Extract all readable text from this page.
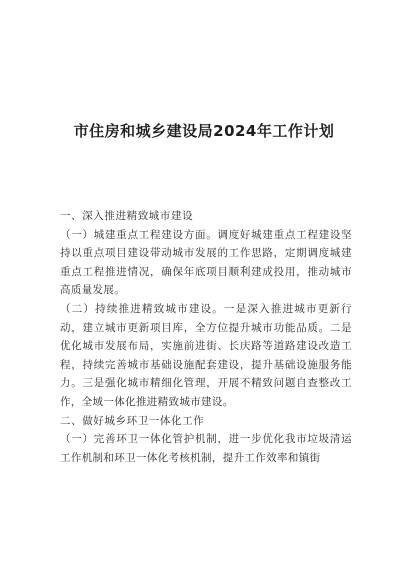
市住房和城乡建设局2024年工作计划

一、深入推进精致城市建设

（一）城建重点工程建设方面。调度好城建重点工程建设坚持以重点项目建设带动城市发展的工作思路，定期调度城建重点工程推进情况，确保年底项目顺利建成投用，推动城市高质量发展。

（二）持续推进精致城市建设。一是深入推进城市更新行动，建立城市更新项目库，全方位提升城市功能品质。二是优化城市发展布局，实施前进街、长庆路等道路建设改造工程，持续完善城市基础设施配套建设，提升基础设施服务能力。三是强化城市精细化管理，开展不精致问题自查整改工作，全域一体化推进精致城市建设。

二、做好城乡环卫一体化工作

（一）完善环卫一体化管护机制，进一步优化我市垃圾清运工作机制和环卫一体化考核机制，提升工作效率和镇街
